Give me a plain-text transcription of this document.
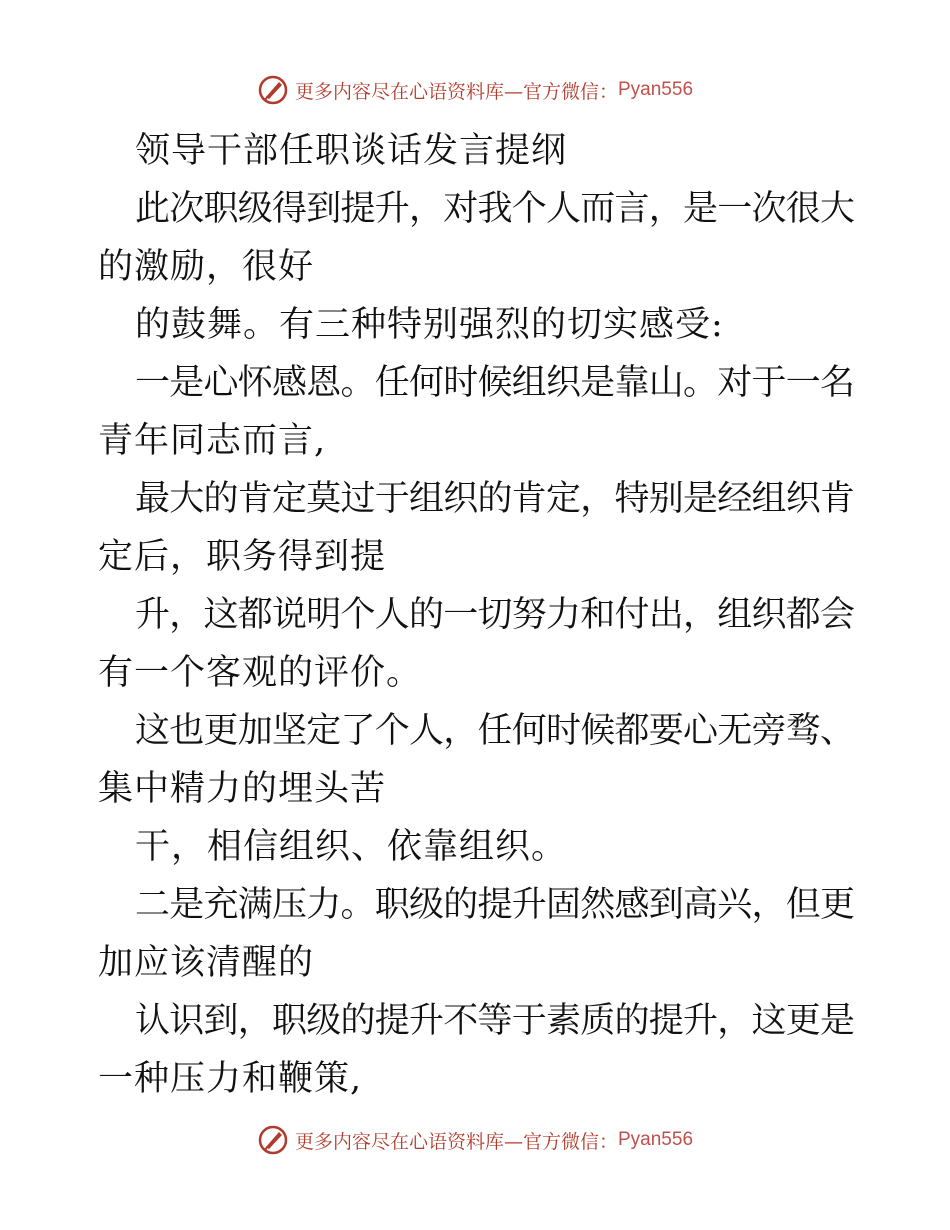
更多内容尽在心语资料库—官方微信： Pyan556

领导干部任职谈话发言提纲

此次职级得到提升，对我个人而言，是一次很大

的激励，很好

的鼓舞。有三种特别强烈的切实感受:

一是心怀感恩。任何时候组织是靠山。对于一名

青年同志而言,

最大的肯定莫过于组织的肯定，特别是经组织肯

定后，职务得到提

升，这都说明个人的一切努力和付出，组织都会

有一个客观的评价。

这也更加坚定了个人，任何时候都要心无旁骛、

集中精力的埋头苦

干，相信组织、依靠组织。

二是充满压力。职级的提升固然感到高兴，但更

加应该清醒的

认识到，职级的提升不等于素质的提升，这更是

一种压力和鞭策,

更多内容尽在心语资料库—官方微信： Pyan556
